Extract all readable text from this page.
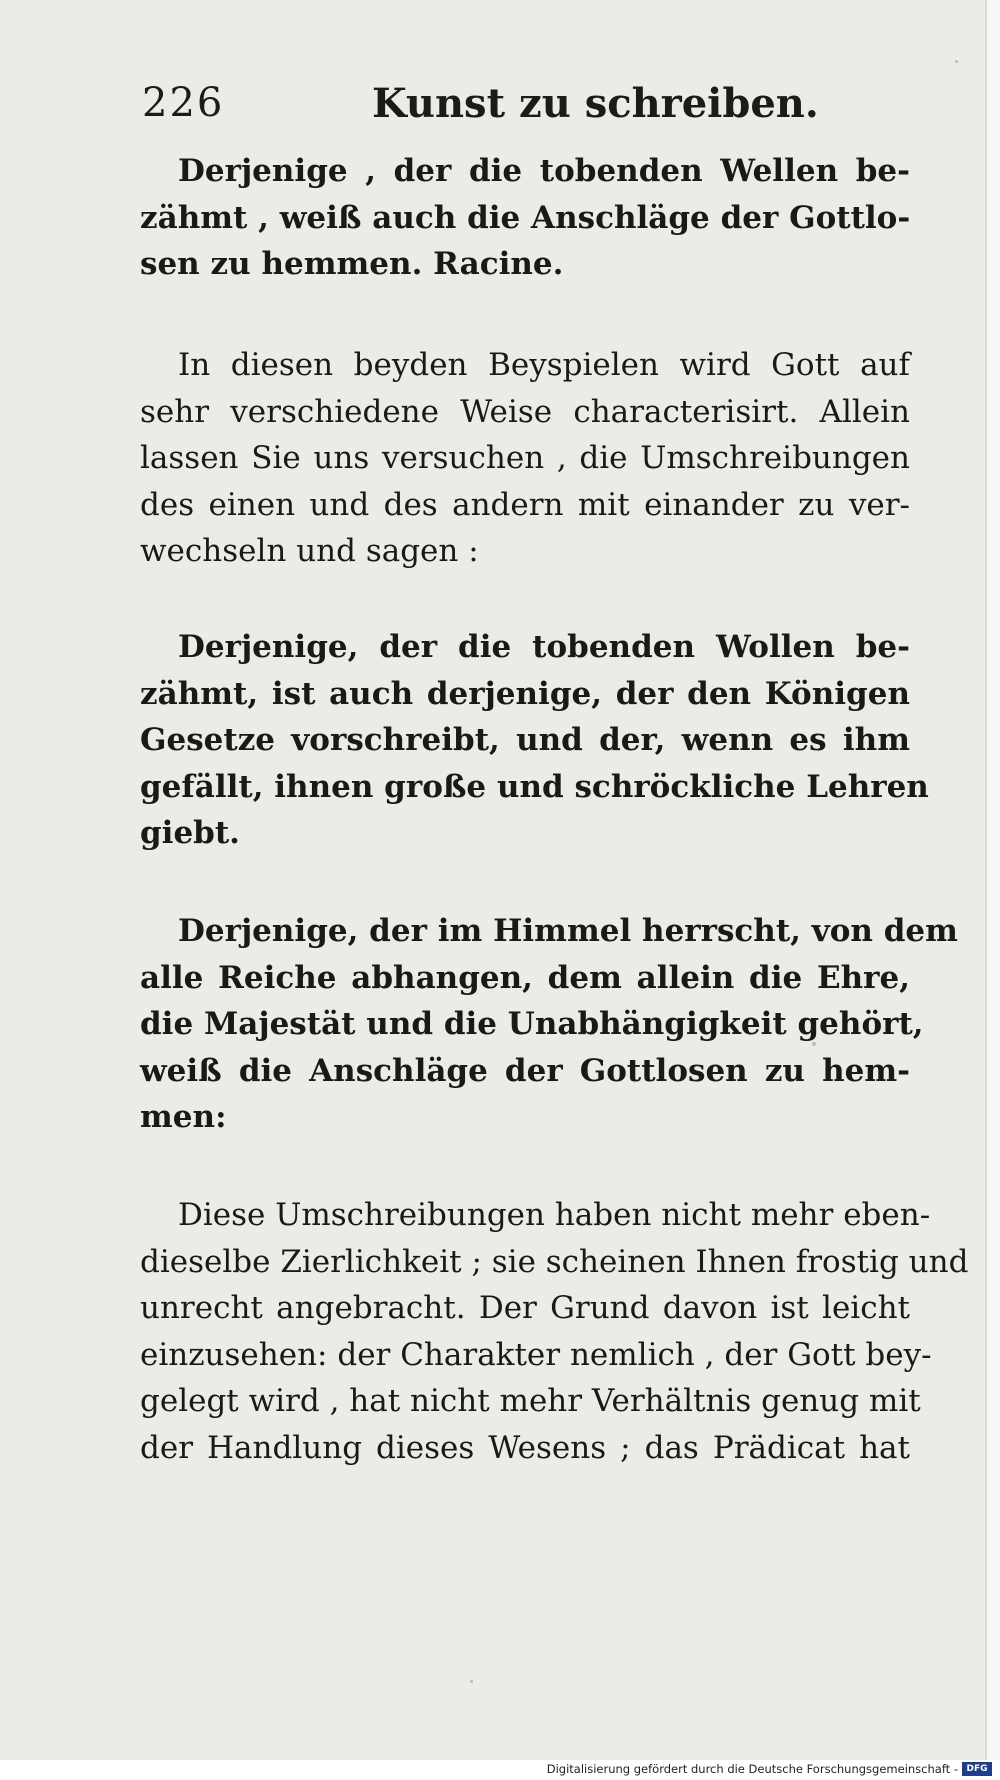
226	Kunst zu schreiben.
Derjenige , der die tobenden Wellen be-
zähmt , weiß auch die Anschläge der Gottlo-
sen zu hemmen. Racine.
In diesen beyden Beyspielen wird Gott auf
sehr verschiedene Weise characterisirt. Allein
lassen Sie uns versuchen , die Umschreibungen
des einen und des andern mit einander zu ver-
wechseln und sagen :
Derjenige, der die tobenden Wollen be-
zähmt, ist auch derjenige, der den Königen
Gesetze vorschreibt, und der, wenn es ihm
gefällt, ihnen große und schröckliche Lehren
giebt.
Derjenige, der im Himmel herrscht, von dem
alle Reiche abhangen, dem allein die Ehre,
die Majestät und die Unabhängigkeit gehört,
weiß die Anschläge der Gottlosen zu hem-
men:
Diese Umschreibungen haben nicht mehr eben-
dieselbe Zierlichkeit ; sie scheinen Ihnen frostig und
unrecht angebracht. Der Grund davon ist leicht
einzusehen: der Charakter nemlich , der Gott bey-
gelegt wird , hat nicht mehr Verhältnis genug mit
der Handlung dieses Wesens ; das Prädicat hat
Digitalisierung gefördert durch die Deutsche Forschungsgemeinschaft - DFG
